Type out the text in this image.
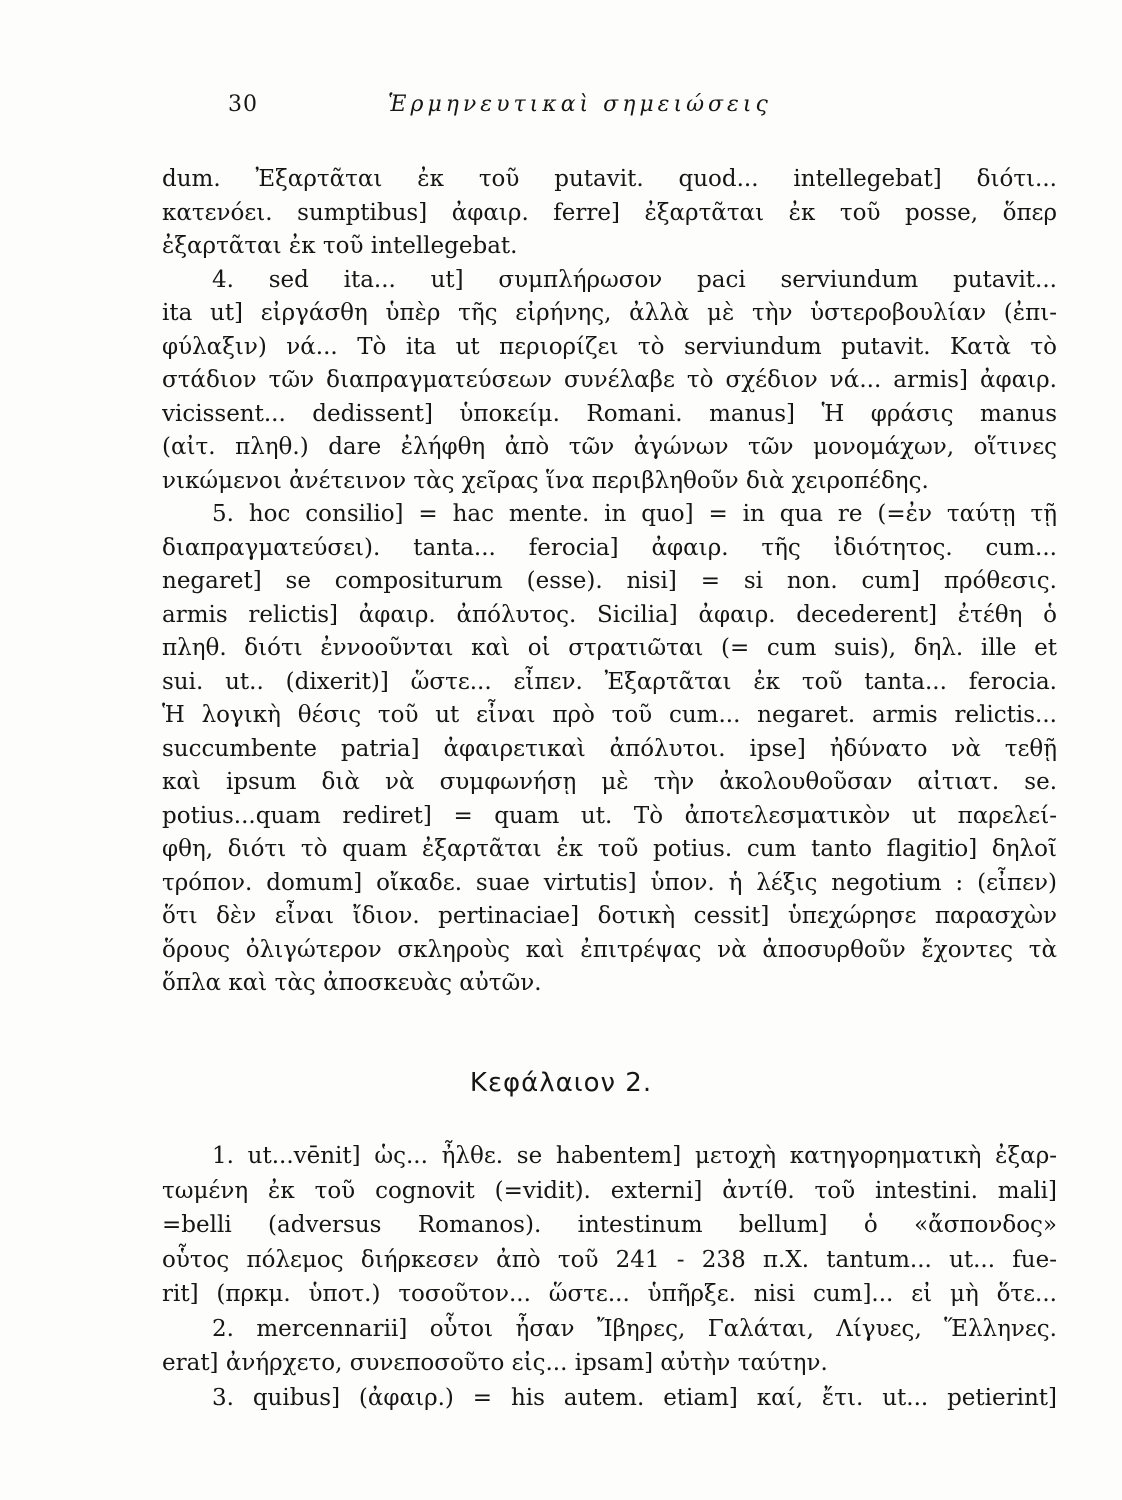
30	Ἑρμηνευτικαὶ σημειώσεις
dum. Ἐξαρτᾶται ἐκ τοῦ putavit. quod... intellegebat] διότι...
κατενόει. sumptibus] ἀφαιρ. ferre] ἐξαρτᾶται ἐκ τοῦ posse, ὅπερ
ἐξαρτᾶται ἐκ τοῦ intellegebat.
4. sed ita... ut] συμπλήρωσον paci serviundum putavit...
ita ut] εἰργάσθη ὑπὲρ τῆς εἰρήνης, ἀλλὰ μὲ τὴν ὑστεροβουλίαν (ἐπι-
φύλαξιν) νά... Τὸ ita ut περιορίζει τὸ serviundum putavit. Κατὰ τὸ
στάδιον τῶν διαπραγματεύσεων συνέλαβε τὸ σχέδιον νά... armis] ἀφαιρ.
vicissent... dedissent] ὑποκείμ. Romani. manus] Ἡ φράσις manus
(αἰτ. πληθ.) dare ἐλήφθη ἀπὸ τῶν ἀγώνων τῶν μονομάχων, οἵτινες
νικώμενοι ἀνέτεινον τὰς χεῖρας ἵνα περιβληθοῦν διὰ χειροπέδης.
5. hoc consilio] = hac mente. in quo] = in qua re (=ἐν ταύτῃ τῇ
διαπραγματεύσει). tanta... ferocia] ἀφαιρ. τῆς ἰδιότητος. cum...
negaret] se compositurum (esse). nisi] = si non. cum] πρόθεσις.
armis relictis] ἀφαιρ. ἀπόλυτος. Sicilia] ἀφαιρ. decederent] ἐτέθη ὁ
πληθ. διότι ἐννοοῦνται καὶ οἱ στρατιῶται (= cum suis), δηλ. ille et
sui. ut.. (dixerit)] ὥστε... εἶπεν. Ἐξαρτᾶται ἐκ τοῦ tanta... ferocia.
Ἡ λογικὴ θέσις τοῦ ut εἶναι πρὸ τοῦ cum... negaret. armis relictis...
succumbente patria] ἀφαιρετικαὶ ἀπόλυτοι. ipse] ἠδύνατο νὰ τεθῇ
καὶ ipsum διὰ νὰ συμφωνήσῃ μὲ τὴν ἀκολουθοῦσαν αἰτιατ. se.
potius...quam rediret] = quam ut. Τὸ ἀποτελεσματικὸν ut παρελεί-
φθη, διότι τὸ quam ἐξαρτᾶται ἐκ τοῦ potius. cum tanto flagitio] δηλοῖ
τρόπον. domum] οἴκαδε. suae virtutis] ὑπον. ἡ λέξις negotium : (εἶπεν)
ὅτι δὲν εἶναι ἴδιον. pertinaciae] δοτικὴ cessit] ὑπεχώρησε παρασχὼν
ὅρους ὀλιγώτερον σκληροὺς καὶ ἐπιτρέψας νὰ ἀποσυρθοῦν ἔχοντες τὰ
ὅπλα καὶ τὰς ἀποσκευὰς αὐτῶν.
Κεφάλαιον 2.
1. ut...vēnit] ὡς... ἦλθε. se habentem] μετοχὴ κατηγορηματικὴ ἐξαρ-
τωμένη ἐκ τοῦ cognovit (=vidit). externi] ἀντίθ. τοῦ intestini. mali]
=belli (adversus Romanos). intestinum bellum] ὁ «ἄσπονδος»
οὗτος πόλεμος διήρκεσεν ἀπὸ τοῦ 241 - 238 π.Χ. tantum... ut... fue-
rit] (πρκμ. ὑποτ.) τοσοῦτον... ὥστε... ὑπῆρξε. nisi cum]... εἰ μὴ ὅτε...
2. mercennarii] οὗτοι ἦσαν Ἴβηρες, Γαλάται, Λίγυες, Ἕλληνες.
erat] ἀνήρχετο, συνεποσοῦτο εἰς... ipsam] αὐτὴν ταύτην.
3. quibus] (ἀφαιρ.) = his autem. etiam] καί, ἔτι. ut... petierint]
